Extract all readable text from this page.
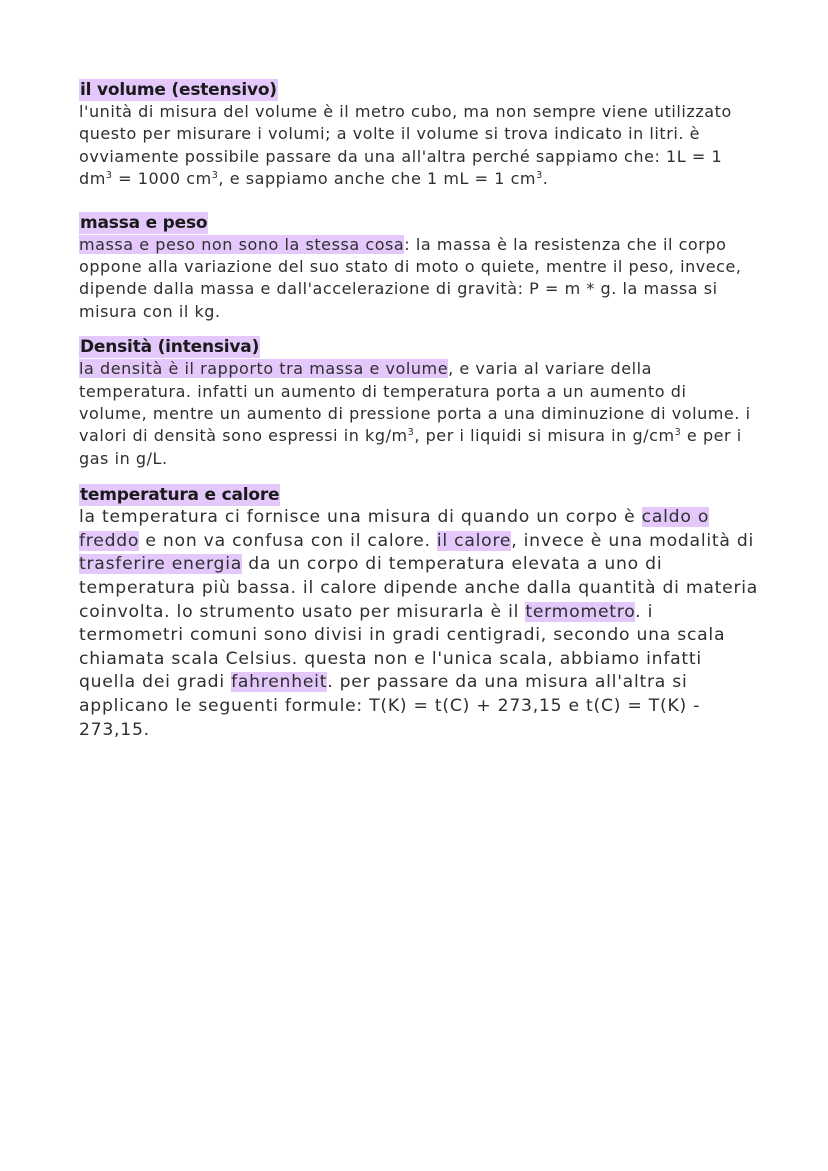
il volume (estensivo)

l'unità di misura del volume è il metro cubo, ma non sempre viene utilizzato questo per misurare i volumi; a volte il volume si trova indicato in litri. è ovviamente possibile passare da una all'altra perché sappiamo che: 1L = 1 $dm^3 = 1000$ $cm^3$, e sappiamo anche che 1 mL = 1 $cm^3$.

massa e peso

massa e peso non sono la stessa cosa: la massa è la resistenza che il corpo oppone alla variazione del suo stato di moto o quiete, mentre il peso, invece, dipende dalla massa e dall'accelerazione di gravità: P = m * g. la massa si misura con il kg.

Densità (intensiva)

la densità è il rapporto tra massa e volume, e varia al variare della temperatura. infatti un aumento di temperatura porta a un aumento di volume, mentre un aumento di pressione porta a una diminuzione di volume. i valori di densità sono espressi in $kg/m^3$, per i liquidi si misura in $g/cm^3$ e per i gas in g/L.

temperatura e calore

la temperatura ci fornisce una misura di quando un corpo è caldo o freddo e non va confusa con il calore. il calore, invece è una modalità di trasferire energia da un corpo di temperatura elevata a uno di temperatura più bassa. il calore dipende anche dalla quantità di materia coinvolta. lo strumento usato per misurarla è il termometro. i termometri comuni sono divisi in gradi centigradi, secondo una scala chiamata scala Celsius. questa non e l'unica scala, abbiamo infatti quella dei gradi fahrenheit. per passare da una misura all'altra si applicano le seguenti formule: T(K) = t(C) + 273,15 e t(C) = T(K) - 273,15.
